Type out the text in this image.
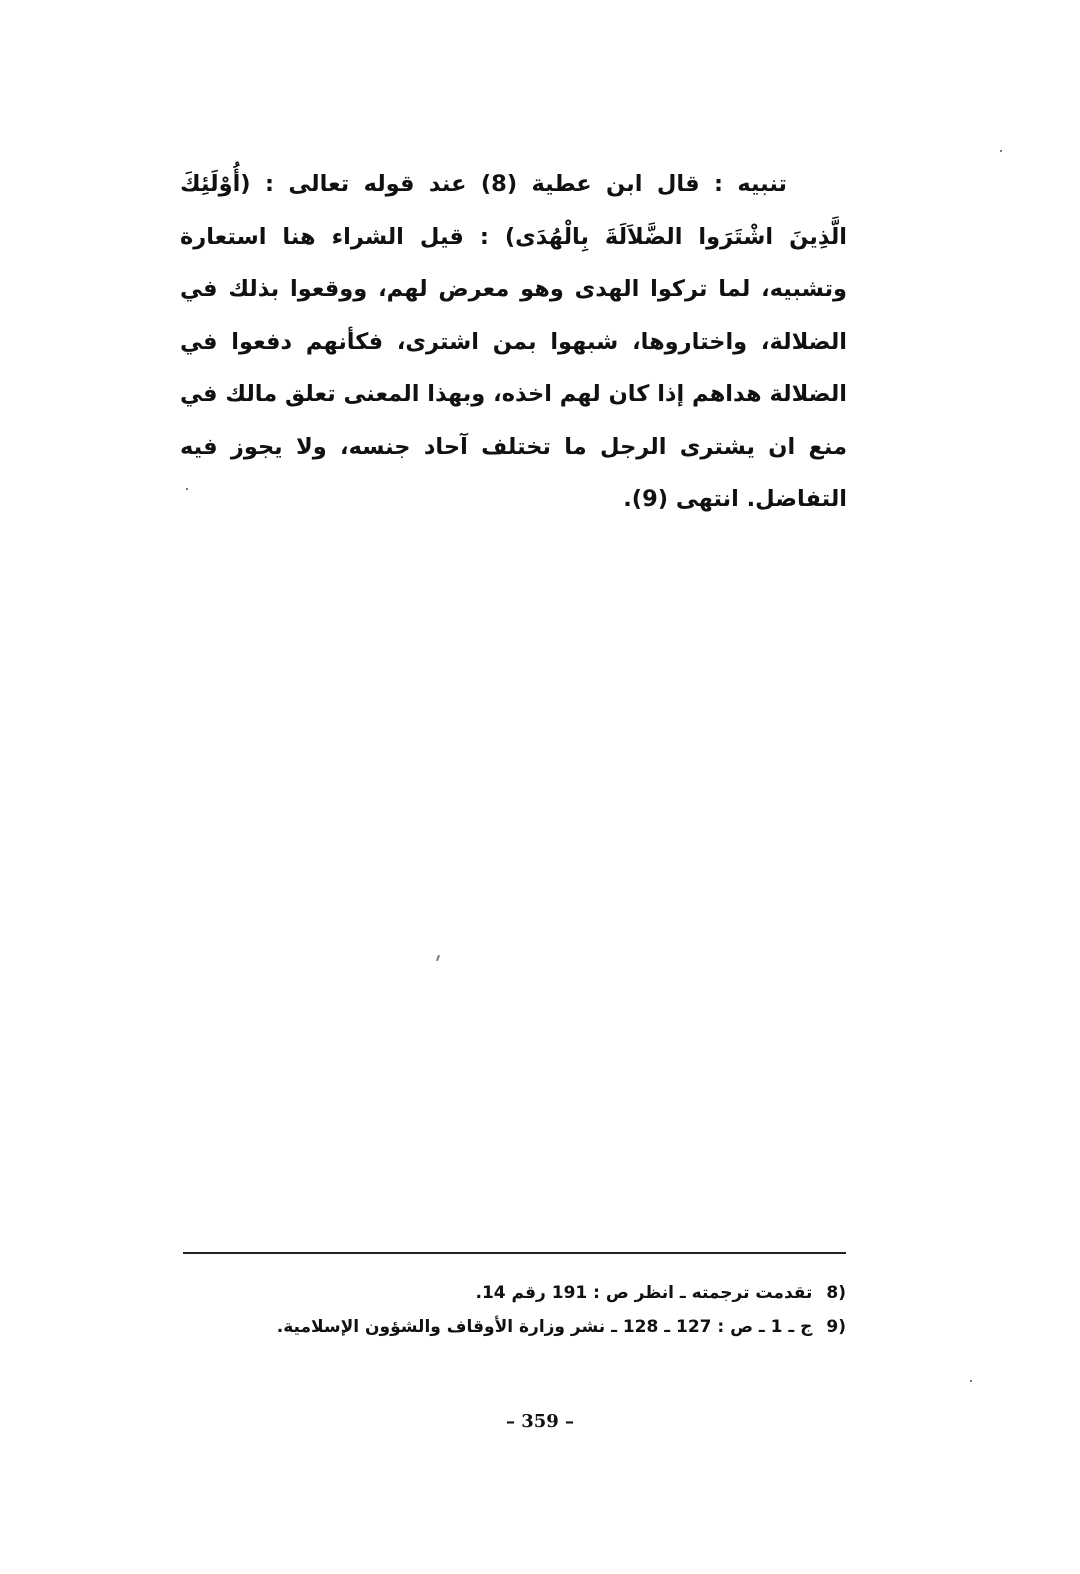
تنبيه : قال ابن عطية (8) عند قوله تعالى : (أُوْلَئِكَ
الَّذِينَ اشْتَرَوا الضَّلاَلَةَ بِالْهُدَى) : قيل الشراء هنا استعارة
وتشبيه، لما تركوا الهدى وهو معرض لهم، ووقعوا بذلك في
الضلالة، واختاروها، شبهوا بمن اشترى، فكأنهم دفعوا في
الضلالة هداهم إذا كان لهم اخذه، وبهذا المعنى تعلق مالك في
منع ان يشترى الرجل ما تختلف آحاد جنسه، ولا يجوز فيه
التفاضل. انتهى (9).
8)تقدمت ترجمته ـ انظر ص : 191 رقم 14.
9)ج ـ 1 ـ ص : 127 ـ 128 ـ نشر وزارة الأوقاف والشؤون الإسلامية.
– 359 –
